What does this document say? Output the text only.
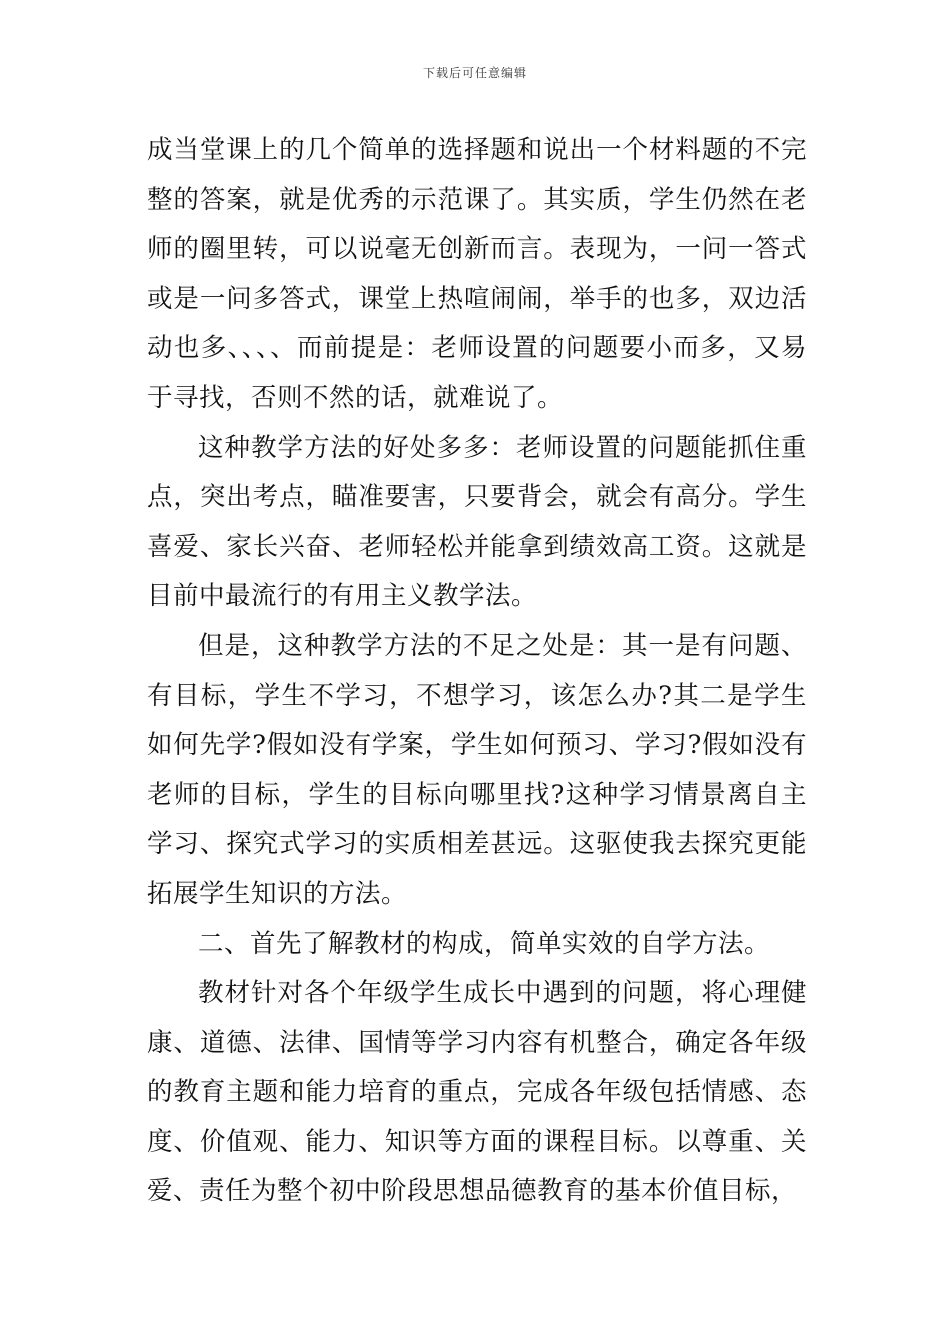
下载后可任意编辑

成当堂课上的几个简单的选择题和说出一个材料题的不完整的答案，就是优秀的示范课了。其实质，学生仍然在老师的圈里转，可以说毫无创新而言。表现为，一问一答式或是一问多答式，课堂上热喧闹闹，举手的也多，双边活动也多、、、、而前提是：老师设置的问题要小而多，又易于寻找，否则不然的话，就难说了。

这种教学方法的好处多多：老师设置的问题能抓住重点，突出考点，瞄准要害，只要背会，就会有高分。学生喜爱、家长兴奋、老师轻松并能拿到绩效高工资。这就是目前中最流行的有用主义教学法。

但是，这种教学方法的不足之处是：其一是有问题、有目标，学生不学习，不想学习，该怎么办?其二是学生如何先学?假如没有学案，学生如何预习、学习?假如没有老师的目标，学生的目标向哪里找?这种学习情景离自主学习、探究式学习的实质相差甚远。这驱使我去探究更能拓展学生知识的方法。

二、首先了解教材的构成，简单实效的自学方法。

教材针对各个年级学生成长中遇到的问题，将心理健康、道德、法律、国情等学习内容有机整合，确定各年级的教育主题和能力培育的重点，完成各年级包括情感、态度、价值观、能力、知识等方面的课程目标。以尊重、关爱、责任为整个初中阶段思想品德教育的基本价值目标，
